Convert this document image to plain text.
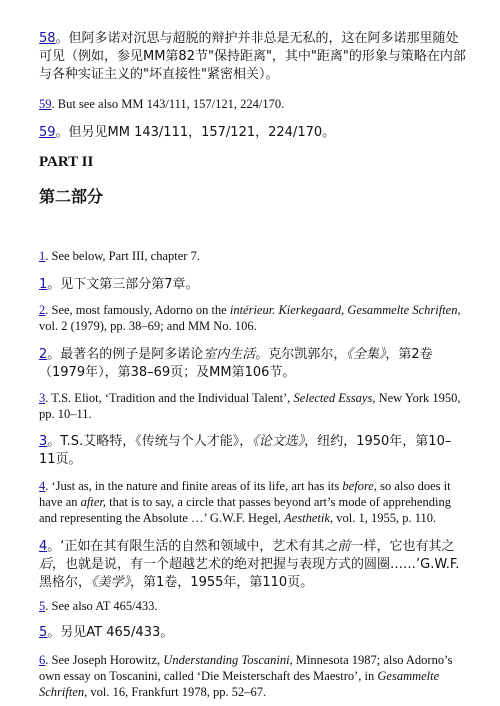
58。但阿多诺对沉思与超脱的辩护并非总是无私的，这在阿多诺那里随处可见（例如，参见MM第82节"保持距离"，其中"距离"的形象与策略在内部与各种实证主义的"坏直接性"紧密相关）。

59. But see also MM 143/111, 157/121, 224/170.

59。但另见MM 143/111，157/121，224/170。

1. See below, Part III, chapter 7.

1。见下文第三部分第7章。

2. See, most famously, Adorno on the intérieur. Kierkegaard, Gesammelte Schriften, vol. 2 (1979), pp. 38–69; and MM No. 106.

2。最著名的例子是阿多诺论室内生活。克尔凯郭尔，《全集》，第2卷（1979年），第38–69页；及MM第106节。

3. T.S. Eliot, ‘Tradition and the Individual Talent’, Selected Essays, New York 1950, pp. 10–11.

3。T.S.艾略特，《传统与个人才能》，《论文选》，纽约，1950年，第10–11页。

4. ‘Just as, in the nature and finite areas of its life, art has its before, so also does it have an after, that is to say, a circle that passes beyond art’s mode of apprehending and representing the Absolute …’ G.W.F. Hegel, Aesthetik, vol. 1, 1955, p. 110.

4。‘正如在其有限生活的自然和领域中，艺术有其之前一样，它也有其之后，也就是说，有一个超越艺术的绝对把握与表现方式的圆圈……’G.W.F.黑格尔，《美学》，第1卷，1955年，第110页。

5. See also AT 465/433.

5。另见AT 465/433。

6. See Joseph Horowitz, Understanding Toscanini, Minnesota 1987; also Adorno’s own essay on Toscanini, called ‘Die Meisterschaft des Maestro’, in Gesammelte Schriften, vol. 16, Frankfurt 1978, pp. 52–67.

PART II

第二部分
